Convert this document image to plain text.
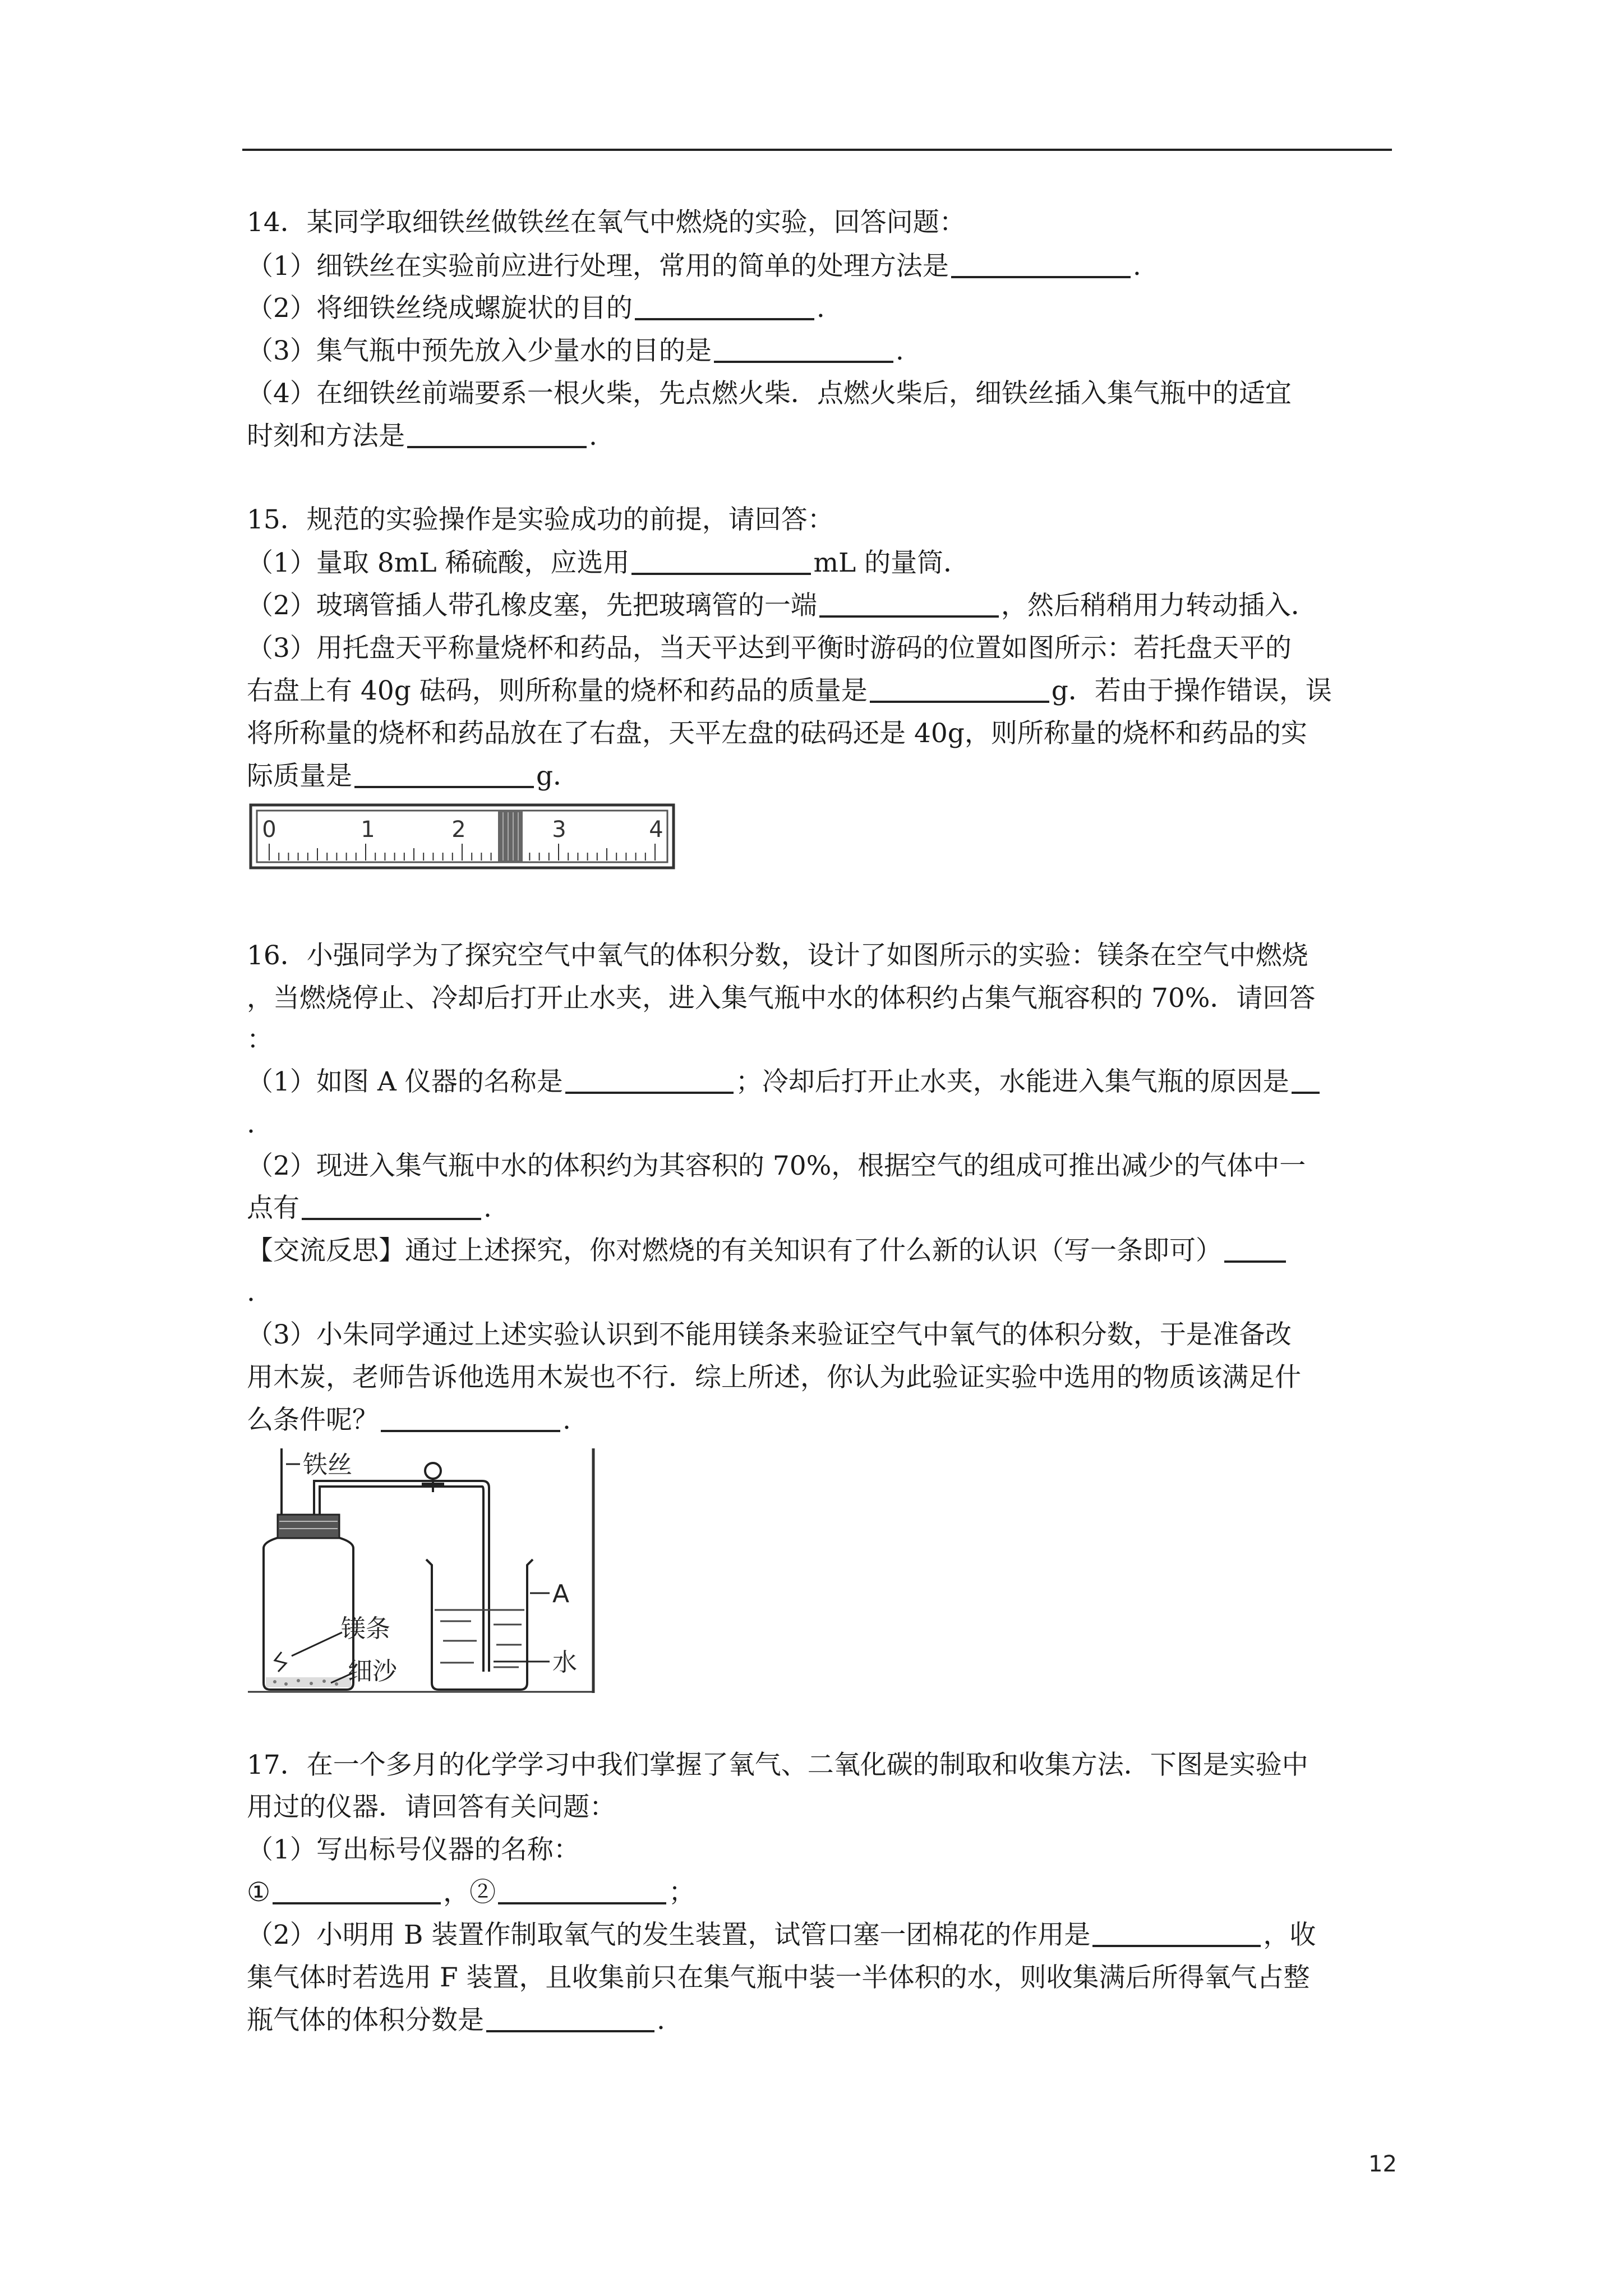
14．某同学取细铁丝做铁丝在氧气中燃烧的实验，回答问题：
（1）细铁丝在实验前应进行处理，常用的简单的处理方法是	.
（2）将细铁丝绕成螺旋状的目的	.
（3）集气瓶中预先放入少量水的目的是	.
（4）在细铁丝前端要系一根火柴，先点燃火柴．点燃火柴后，细铁丝插入集气瓶中的适宜
时刻和方法是	.
15．规范的实验操作是实验成功的前提，请回答：
（1）量取 8mL 稀硫酸，应选用	mL 的量筒．
（2）玻璃管插人带孔橡皮塞，先把玻璃管的一端	，然后稍稍用力转动插入．
（3）用托盘天平称量烧杯和药品，当天平达到平衡时游码的位置如图所示：若托盘天平的
右盘上有 40g 砝码，则所称量的烧杯和药品的质量是	g．若由于操作错误，误
将所称量的烧杯和药品放在了右盘，天平左盘的砝码还是 40g，则所称量的烧杯和药品的实
际质量是	g．
0	1	2	3	4
16．小强同学为了探究空气中氧气的体积分数，设计了如图所示的实验：镁条在空气中燃烧
，当燃烧停止、冷却后打开止水夹，进入集气瓶中水的体积约占集气瓶容积的 70%．请回答
：
（1）如图 A 仪器的名称是	；冷却后打开止水夹，水能进入集气瓶的原因是
.
（2）现进入集气瓶中水的体积约为其容积的 70%，根据空气的组成可推出减少的气体中一
点有	.
【交流反思】通过上述探究，你对燃烧的有关知识有了什么新的认识（写一条即可）
.
（3）小朱同学通过上述实验认识到不能用镁条来验证空气中氧气的体积分数，于是准备改
用木炭，老师告诉他选用木炭也不行．综上所述，你认为此验证实验中选用的物质该满足什
么条件呢？	.
铁丝
镁条
细沙
A
水
17．在一个多月的化学学习中我们掌握了氧气、二氧化碳的制取和收集方法．下图是实验中
用过的仪器．请回答有关问题：
（1）写出标号仪器的名称：
①	，②	；
（2）小明用 B 装置作制取氧气的发生装置，试管口塞一团棉花的作用是	，收
集气体时若选用 F 装置，且收集前只在集气瓶中装一半体积的水，则收集满后所得氧气占整
瓶气体的体积分数是	.
12
